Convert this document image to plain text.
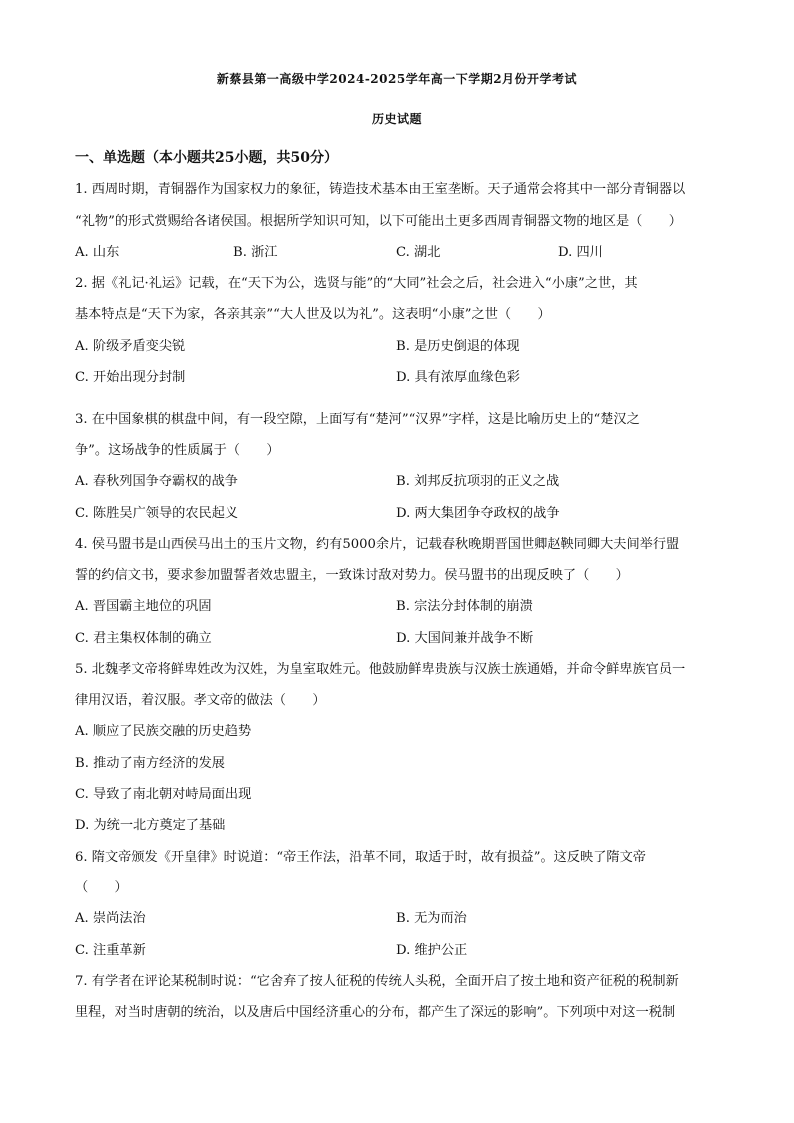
新蔡县第一高级中学2024-2025学年高一下学期2月份开学考试
历史试题
一、单选题（本小题共25小题，共50分）
1. 西周时期，青铜器作为国家权力的象征，铸造技术基本由王室垄断。天子通常会将其中一部分青铜器以
“礼物”的形式赏赐给各诸侯国。根据所学知识可知，以下可能出土更多西周青铜器文物的地区是（　　）
A. 山东	B. 浙江	C. 湖北	D. 四川
2. 据《礼记·礼运》记载，在“天下为公，选贤与能”的“大同”社会之后，社会进入“小康”之世，其
基本特点是“天下为家，各亲其亲”“大人世及以为礼”。这表明“小康”之世（　　）
A. 阶级矛盾变尖锐	B. 是历史倒退的体现
C. 开始出现分封制	D. 具有浓厚血缘色彩
3. 在中国象棋的棋盘中间，有一段空隙，上面写有“楚河”“汉界”字样，这是比喻历史上的“楚汉之
争”。这场战争的性质属于（　　）
A. 春秋列国争夺霸权的战争	B. 刘邦反抗项羽的正义之战
C. 陈胜吴广领导的农民起义	D. 两大集团争夺政权的战争
4. 侯马盟书是山西侯马出土的玉片文物，约有5000余片，记载春秋晚期晋国世卿赵鞅同卿大夫间举行盟
誓的约信文书，要求参加盟誓者效忠盟主，一致诛讨敌对势力。侯马盟书的出现反映了（　　）
A. 晋国霸主地位的巩固	B. 宗法分封体制的崩溃
C. 君主集权体制的确立	D. 大国间兼并战争不断
5. 北魏孝文帝将鲜卑姓改为汉姓，为皇室取姓元。他鼓励鲜卑贵族与汉族士族通婚，并命令鲜卑族官员一
律用汉语，着汉服。孝文帝的做法（　　）
A. 顺应了民族交融的历史趋势
B. 推动了南方经济的发展
C. 导致了南北朝对峙局面出现
D. 为统一北方奠定了基础
6. 隋文帝颁发《开皇律》时说道：“帝王作法，沿革不同，取适于时，故有损益”。这反映了隋文帝
（　　）
A. 崇尚法治	B. 无为而治
C. 注重革新	D. 维护公正
7. 有学者在评论某税制时说：“它舍弃了按人征税的传统人头税，全面开启了按土地和资产征税的税制新
里程，对当时唐朝的统治，以及唐后中国经济重心的分布，都产生了深远的影响”。下列项中对这一税制
